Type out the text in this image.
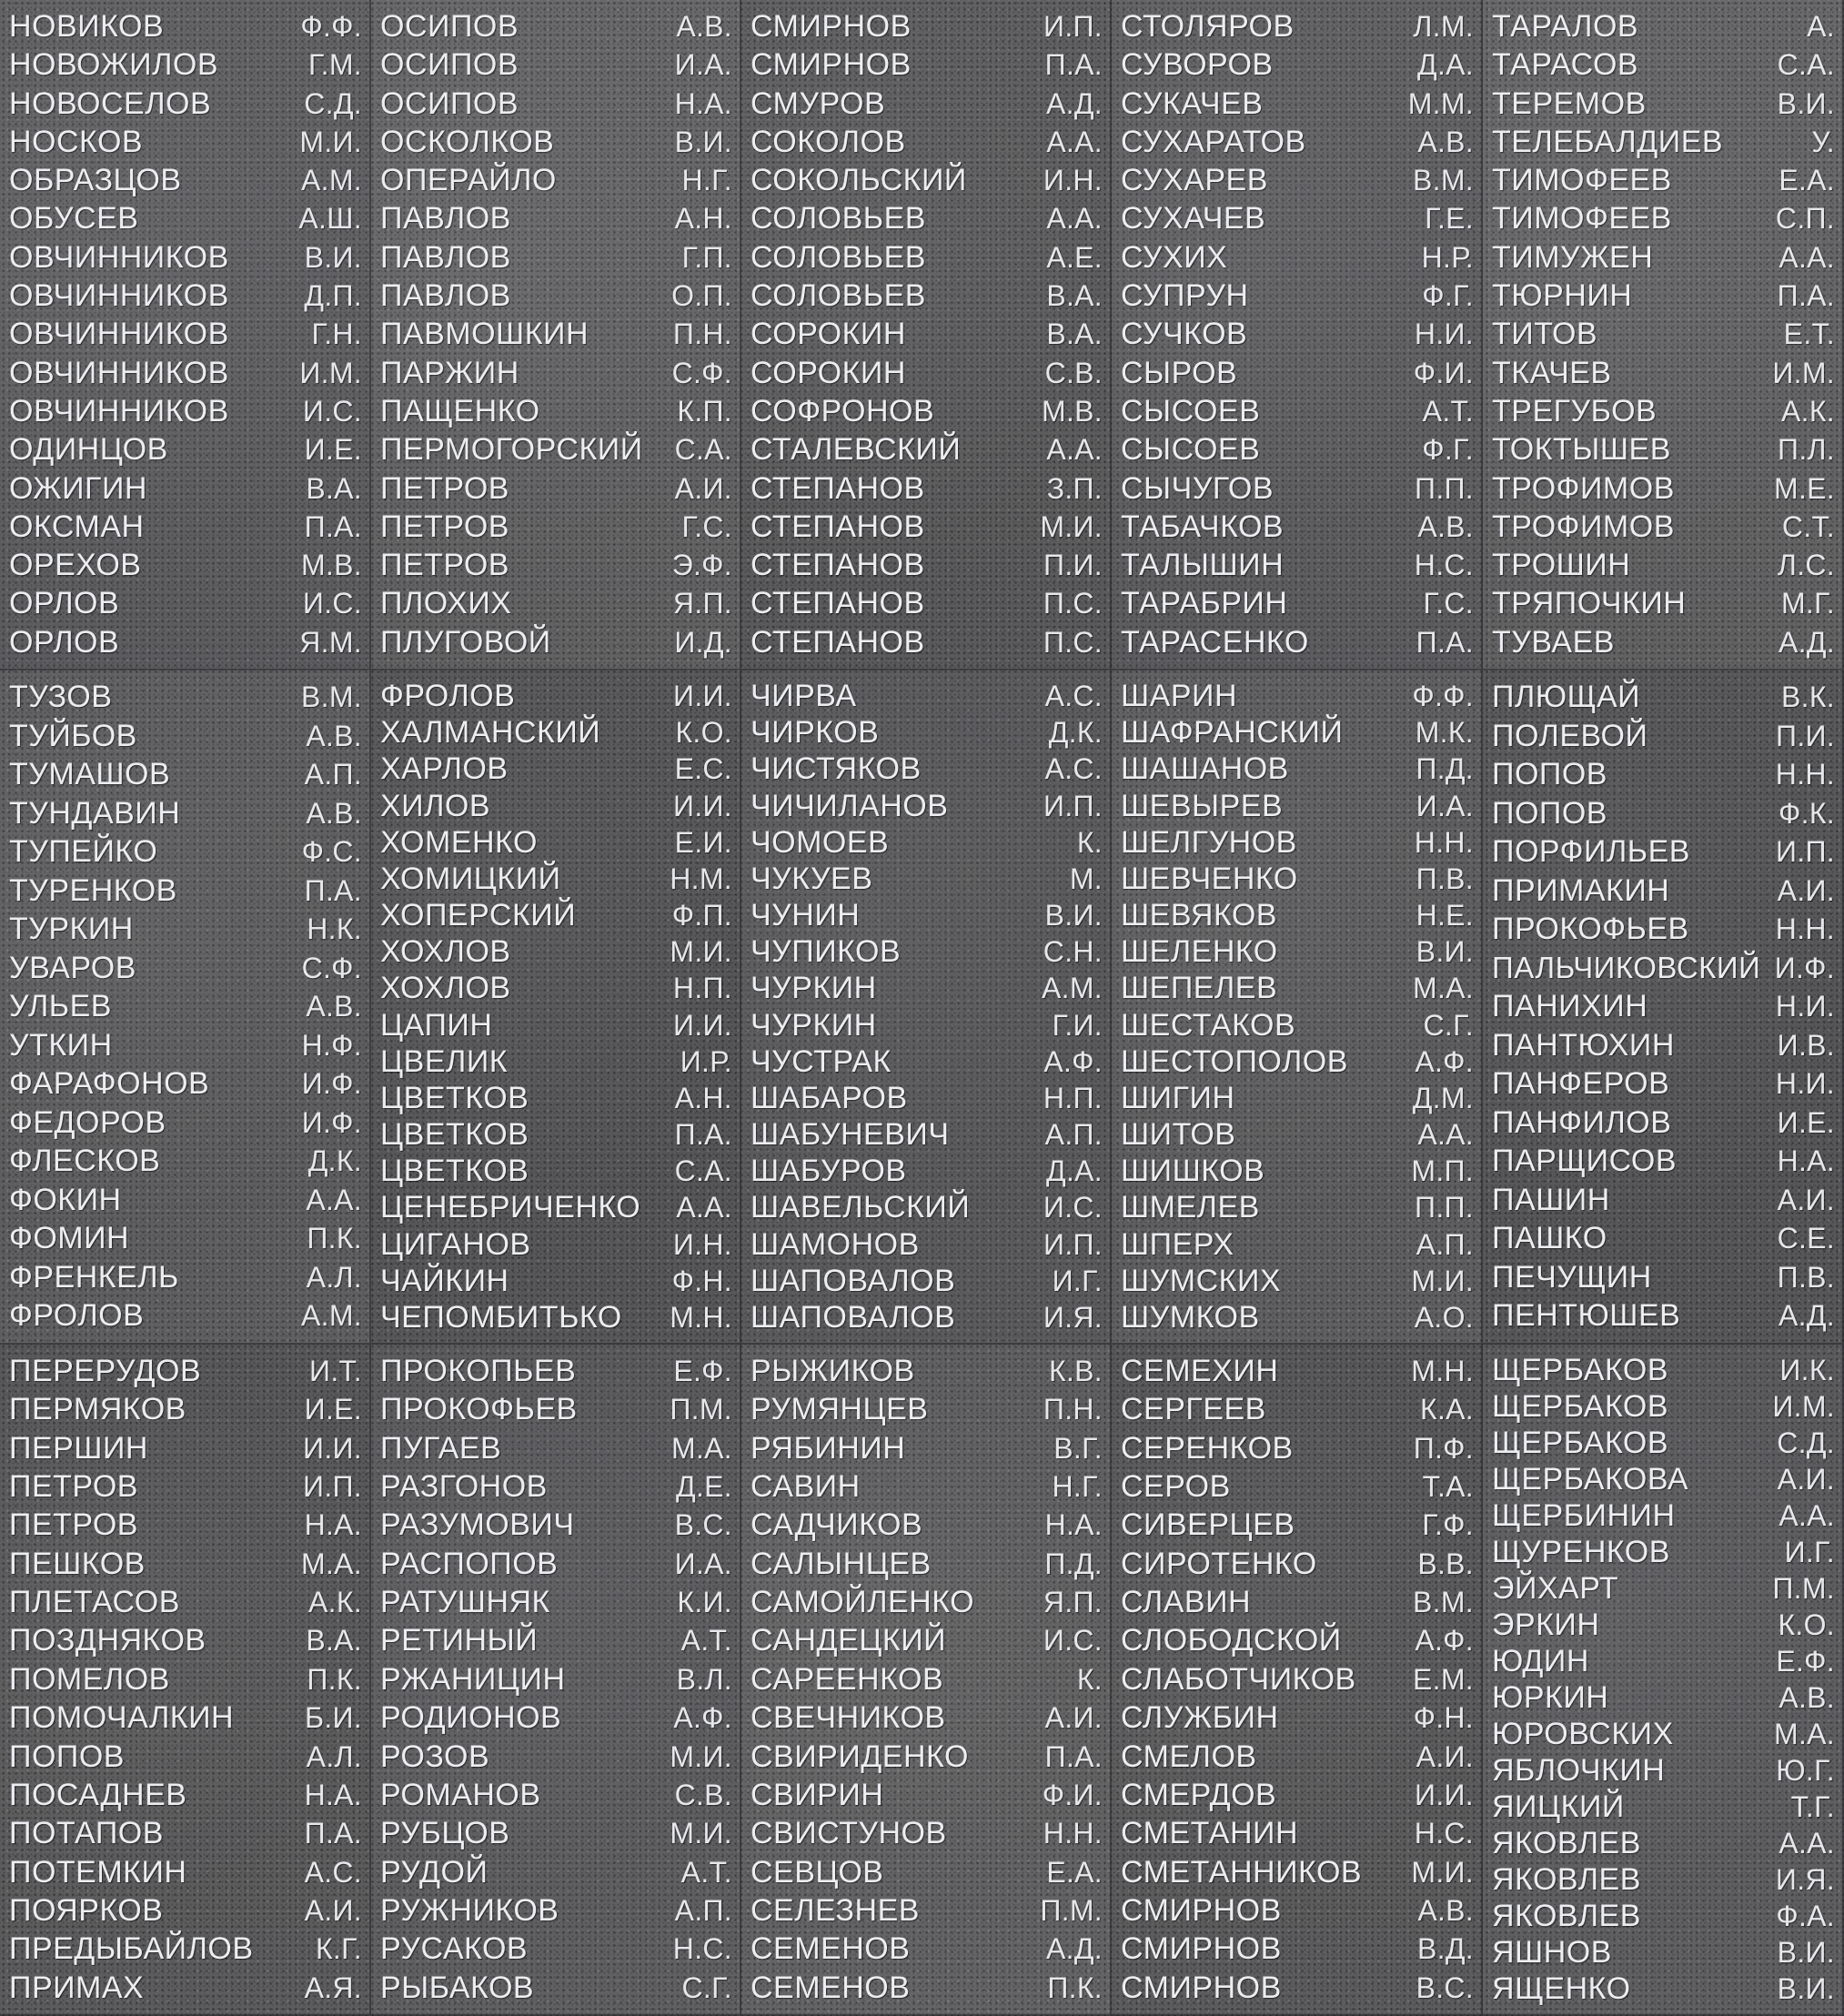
НОВИКОВ	Ф.Ф.
НОВОЖИЛОВ	Г.М.
НОВОСЕЛОВ	С.Д.
НОСКОВ	М.И.
ОБРАЗЦОВ	А.М.
ОБУСЕВ	А.Ш.
ОВЧИННИКОВ	В.И.
ОВЧИННИКОВ	Д.П.
ОВЧИННИКОВ	Г.Н.
ОВЧИННИКОВ И.М.
ОВЧИННИКОВ	И.С.
ОДИНЦОВ	И.Е.
ОЖИГИН	В.А.
ОКСМАН	П.А.
ОРЕХОВ	М.В.
ОРЛОВ	И.С.
ОРЛОВ	Я.М.
ОСИПОВ	А.В.
ОСИПОВ	И.А.
ОСИПОВ	Н.А.
ОСКОЛКОВ	В.И.
ОПЕРАЙЛО	Н.Г.
ПАВЛОВ	А.Н.
ПАВЛОВ	Г.П.
ПАВЛОВ	О.П.
ПАВМОШКИН	П.Н.
ПАРЖИН	С.Ф.
ПАЩЕНКО	К.П.
ПЕРМОГОРСКИЙ С.А.
ПЕТРОВ	А.И.
ПЕТРОВ	Г.С.
ПЕТРОВ	Э.Ф.
ПЛОХИХ	Я.П.
ПЛУГОВОЙ	И.Д.
СМИРНОВ	И.П.
СМИРНОВ	П.А.
СМУРОВ	А.Д.
СОКОЛОВ	А.А.
СОКОЛЬСКИЙ	И.Н.
СОЛОВЬЕВ	А.А.
СОЛОВЬЕВ	А.Е.
СОЛОВЬЕВ	В.А.
СОРОКИН	В.А.
СОРОКИН	С.В.
СОФРОНОВ	М.В.
СТАЛЕВСКИЙ	А.А.
СТЕПАНОВ	З.П.
СТЕПАНОВ	М.И.
СТЕПАНОВ	П.И.
СТЕПАНОВ	П.С.
СТЕПАНОВ	П.С.
СТОЛЯРОВ	Л.М.
СУВОРОВ	Д.А.
СУКАЧЕВ	М.М.
СУХАРАТОВ	А.В.
СУХАРЕВ	В.М.
СУХАЧЕВ	Г.Е.
СУХИХ	Н.Р.
СУПРУН	Ф.Г.
СУЧКОВ	Н.И.
СЫРОВ	Ф.И.
СЫСОЕВ	А.Т.
СЫСОЕВ	Ф.Г.
СЫЧУГОВ	П.П.
ТАБАЧКОВ	А.В.
ТАЛЫШИН	Н.С.
ТАРАБРИН	Г.С.
ТАРАСЕНКО	П.А.
ТАРАЛОВ	А.
ТАРАСОВ	С.А.
ТЕРЕМОВ	В.И.
ТЕЛЕБАЛДИЕВ	У.
ТИМОФЕЕВ	Е.А.
ТИМОФЕЕВ	С.П.
ТИМУЖЕН	А.А.
ТЮРНИН	П.А.
ТИТОВ	Е.Т.
ТКАЧЕВ	И.М.
ТРЕГУБОВ	А.К.
ТОКТЫШЕВ	П.Л.
ТРОФИМОВ	М.Е.
ТРОФИМОВ	С.Т.
ТРОШИН	Л.С.
ТРЯПОЧКИН	М.Г.
ТУВАЕВ	А.Д.
ТУЗОВ	В.М.
ТУЙБОВ	А.В.
ТУМАШОВ	А.П.
ТУНДАВИН	А.В.
ТУПЕЙКО	Ф.С.
ТУРЕНКОВ	П.А.
ТУРКИН	Н.К.
УВАРОВ	С.Ф.
УЛЬЕВ	А.В.
УТКИН	Н.Ф.
ФАРАФОНОВ	И.Ф.
ФЕДОРОВ	И.Ф.
ФЛЕСКОВ	Д.К.
ФОКИН	А.А.
ФОМИН	П.К.
ФРЕНКЕЛЬ	А.Л.
ФРОЛОВ	А.М.
ФРОЛОВ	И.И.
ХАЛМАНСКИЙ	К.О.
ХАРЛОВ	Е.С.
ХИЛОВ	И.И.
ХОМЕНКО	Е.И.
ХОМИЦКИЙ	Н.М.
ХОПЕРСКИЙ	Ф.П.
ХОХЛОВ	М.И.
ХОХЛОВ	Н.П.
ЦАПИН	И.И.
ЦВЕЛИК	И.Р.
ЦВЕТКОВ	А.Н.
ЦВЕТКОВ	П.А.
ЦВЕТКОВ	С.А.
ЦЕНЕБРИЧЕНКО А.А.
ЦИГАНОВ	И.Н.
ЧАЙКИН	Ф.Н.
ЧЕПОМБИТЬКО М.Н.
ЧИРВА	А.С.
ЧИРКОВ	Д.К.
ЧИСТЯКОВ	А.С.
ЧИЧИЛАНОВ	И.П.
ЧОМОЕВ	К.
ЧУКУЕВ	М.
ЧУНИН	В.И.
ЧУПИКОВ	С.Н.
ЧУРКИН	А.М.
ЧУРКИН	Г.И.
ЧУСТРАК	А.Ф.
ШАБАРОВ	Н.П.
ШАБУНЕВИЧ	А.П.
ШАБУРОВ	Д.А.
ШАВЕЛЬСКИЙ	И.С.
ШАМОНОВ	И.П.
ШАПОВАЛОВ	И.Г.
ШАПОВАЛОВ	И.Я.
ШАРИН	Ф.Ф.
ШАФРАНСКИЙ М.К.
ШАШАНОВ	П.Д.
ШЕВЫРЕВ	И.А.
ШЕЛГУНОВ	Н.Н.
ШЕВЧЕНКО	П.В.
ШЕВЯКОВ	Н.Е.
ШЕЛЕНКО	В.И.
ШЕПЕЛЕВ	М.А.
ШЕСТАКОВ	С.Г.
ШЕСТОПОЛОВ А.Ф.
ШИГИН	Д.М.
ШИТОВ	А.А.
ШИШКОВ	М.П.
ШМЕЛЕВ	П.П.
ШПЕРХ	А.П.
ШУМСКИХ	М.И.
ШУМКОВ	А.О.
ПЛЮЩАЙ	В.К.
ПОЛЕВОЙ	П.И.
ПОПОВ	Н.Н.
ПОПОВ	Ф.К.
ПОРФИЛЬЕВ	И.П.
ПРИМАКИН	А.И.
ПРОКОФЬЕВ	Н.Н.
ПАЛЬЧИКОВСКИЙ И.Ф.
ПАНИХИН	Н.И.
ПАНТЮХИН	И.В.
ПАНФЕРОВ	Н.И.
ПАНФИЛОВ	И.Е.
ПАРЩИСОВ	Н.А.
ПАШИН	А.И.
ПАШКО	С.Е.
ПЕЧУЩИН	П.В.
ПЕНТЮШЕВ	А.Д.
ПЕРЕРУДОВ	И.Т.
ПЕРМЯКОВ	И.Е.
ПЕРШИН	И.И.
ПЕТРОВ	И.П.
ПЕТРОВ	Н.А.
ПЕШКОВ	М.А.
ПЛЕТАСОВ	А.К.
ПОЗДНЯКОВ	В.А.
ПОМЕЛОВ	П.К.
ПОМОЧАЛКИН Б.И.
ПОПОВ	А.Л.
ПОСАДНЕВ	Н.А.
ПОТАПОВ	П.А.
ПОТЕМКИН	А.С.
ПОЯРКОВ	А.И.
ПРЕДЫБАЙЛОВ К.Г.
ПРИМАХ	А.Я.
ПРОКОПЬЕВ	Е.Ф.
ПРОКОФЬЕВ	П.М.
ПУГАЕВ	М.А.
РАЗГОНОВ	Д.Е.
РАЗУМОВИЧ	В.С.
РАСПОПОВ	И.А.
РАТУШНЯК	К.И.
РЕТИНЫЙ	А.Т.
РЖАНИЦИН	В.Л.
РОДИОНОВ	А.Ф.
РОЗОВ	М.И.
РОМАНОВ	С.В.
РУБЦОВ	М.И.
РУДОЙ	А.Т.
РУЖНИКОВ	А.П.
РУСАКОВ	Н.С.
РЫБАКОВ	С.Г.
РЫЖИКОВ	К.В.
РУМЯНЦЕВ	П.Н.
РЯБИНИН	В.Г.
САВИН	Н.Г.
САДЧИКОВ	Н.А.
САЛЫНЦЕВ	П.Д.
САМОЙЛЕНКО Я.П.
САНДЕЦКИЙ	И.С.
САРЕЕНКОВ	К.
СВЕЧНИКОВ	А.И.
СВИРИДЕНКО	П.А.
СВИРИН	Ф.И.
СВИСТУНОВ	Н.Н.
СЕВЦОВ	Е.А.
СЕЛЕЗНЕВ	П.М.
СЕМЕНОВ	А.Д.
СЕМЕНОВ	П.К.
СЕМЕХИН	М.Н.
СЕРГЕЕВ	К.А.
СЕРЕНКОВ	П.Ф.
СЕРОВ	Т.А.
СИВЕРЦЕВ	Г.Ф.
СИРОТЕНКО	В.В.
СЛАВИН	В.М.
СЛОБОДСКОЙ	А.Ф.
СЛАБОТЧИКОВ Е.М.
СЛУЖБИН	Ф.Н.
СМЕЛОВ	А.И.
СМЕРДОВ	И.И.
СМЕТАНИН	Н.С.
СМЕТАННИКОВ М.И.
СМИРНОВ	А.В.
СМИРНОВ	В.Д.
СМИРНОВ	В.С.
ЩЕРБАКОВ	И.К.
ЩЕРБАКОВ	И.М.
ЩЕРБАКОВ	С.Д.
ЩЕРБАКОВА	А.И.
ЩЕРБИНИН	А.А.
ЩУРЕНКОВ	И.Г.
ЭЙХАРТ	П.М.
ЭРКИН	К.О.
ЮДИН	Е.Ф.
ЮРКИН	А.В.
ЮРОВСКИХ	М.А.
ЯБЛОЧКИН	Ю.Г.
ЯИЦКИЙ	Т.Г.
ЯКОВЛЕВ	А.А.
ЯКОВЛЕВ	И.Я.
ЯКОВЛЕВ	Ф.А.
ЯШНОВ	В.И.
ЯЩЕНКО	В.И.
